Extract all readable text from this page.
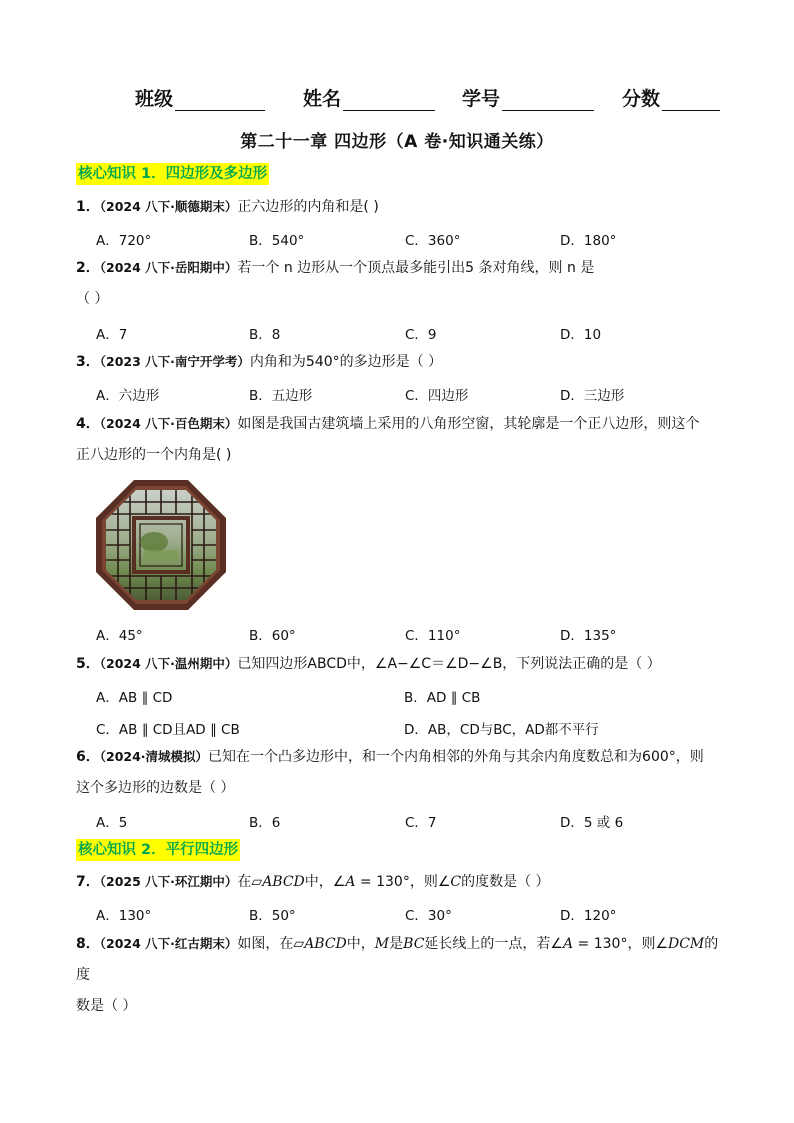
班级	姓名	学号	分数
第二十一章 四边形（A 卷·知识通关练）
核心知识 1．四边形及多边形
1．（2024 八下·顺德期末）正六边形的内角和是( )
A．720°	B．540°	C．360°	D．180°
2．（2024 八下·岳阳期中）若一个 n 边形从一个顶点最多能引出5 条对角线，则 n 是
（ ）
A．7	B．8	C．9	D．10
3．（2023 八下·南宁开学考）内角和为540°的多边形是（ ）
A．六边形	B．五边形	C．四边形	D．三边形
4．（2024 八下·百色期末）如图是我国古建筑墙上采用的八角形空窗，其轮廓是一个正八边形，则这个
正八边形的一个内角是( )
A．45°	B．60°	C．110°	D．135°
5．（2024 八下·温州期中）已知四边形ABCD中，∠A−∠C＝∠D−∠B，下列说法正确的是（ ）
A．AB ∥ CD	B．AD ∥ CB
C．AB ∥ CD且AD ∥ CB	D．AB，CD与BC，AD都不平行
6．（2024·清城模拟）已知在一个凸多边形中，和一个内角相邻的外角与其余内角度数总和为600°，则
这个多边形的边数是（ ）
A．5	B．6	C．7	D．5 或 6
核心知识 2．平行四边形
7．（2025 八下·环江期中）在▱ABCD中，∠A = 130°，则∠C的度数是（ ）
A．130°	B．50°	C．30°	D．120°
8．（2024 八下·红古期末）如图，在▱ABCD中，M是BC延长线上的一点，若∠A = 130°，则∠DCM的度
数是（ ）
